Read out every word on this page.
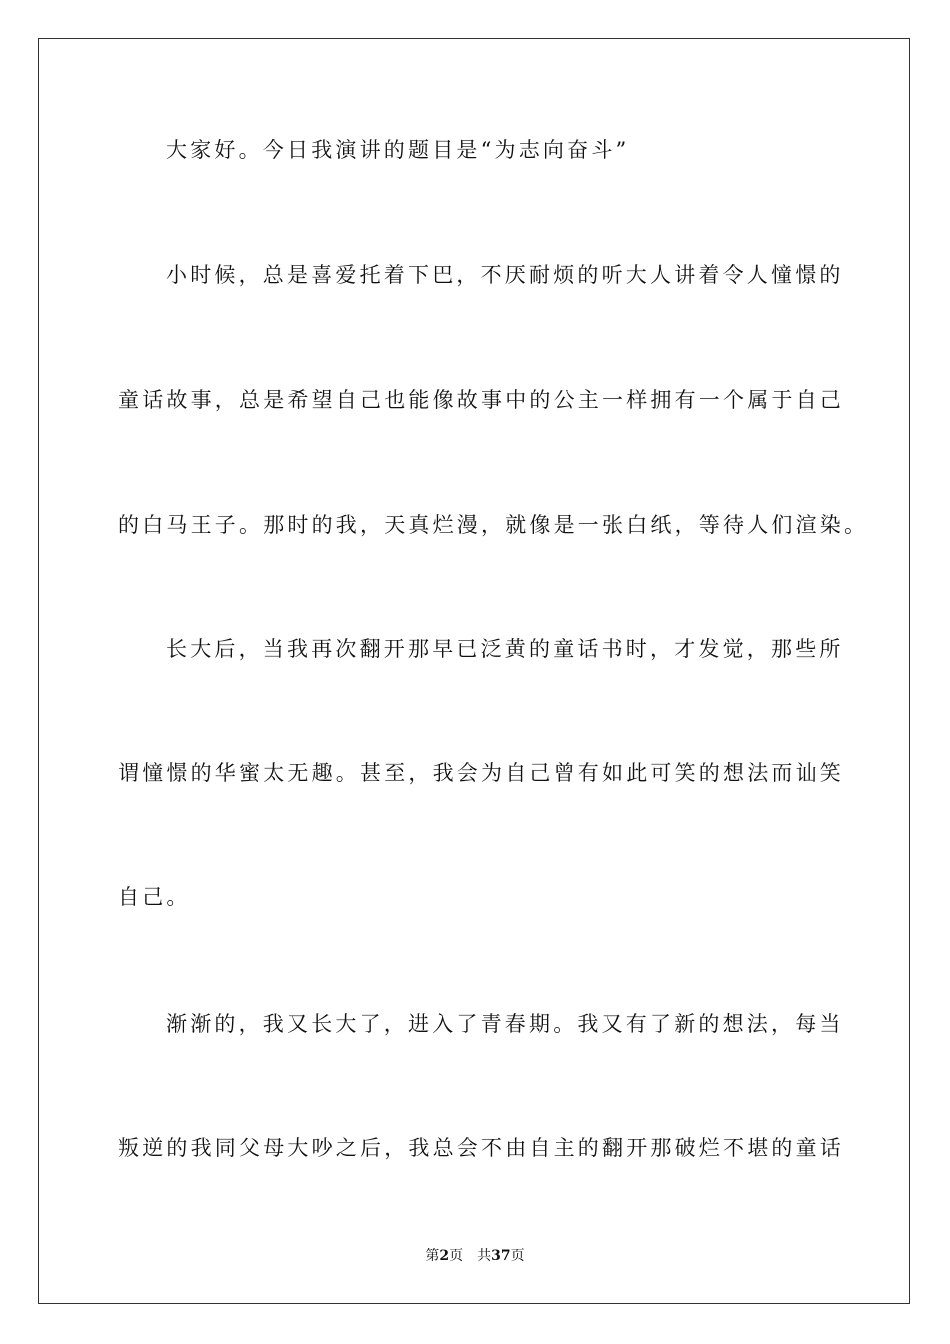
大家好。今日我演讲的题目是“为志向奋斗”
小时候，总是喜爱托着下巴，不厌耐烦的听大人讲着令人憧憬的
童话故事，总是希望自己也能像故事中的公主一样拥有一个属于自己
的白马王子。那时的我，天真烂漫，就像是一张白纸，等待人们渲染。
长大后，当我再次翻开那早已泛黄的童话书时，才发觉，那些所
谓憧憬的华蜜太无趣。甚至，我会为自己曾有如此可笑的想法而讪笑
自己。
渐渐的，我又长大了，进入了青春期。我又有了新的想法，每当
叛逆的我同父母大吵之后，我总会不由自主的翻开那破烂不堪的童话
第2页 共37页
